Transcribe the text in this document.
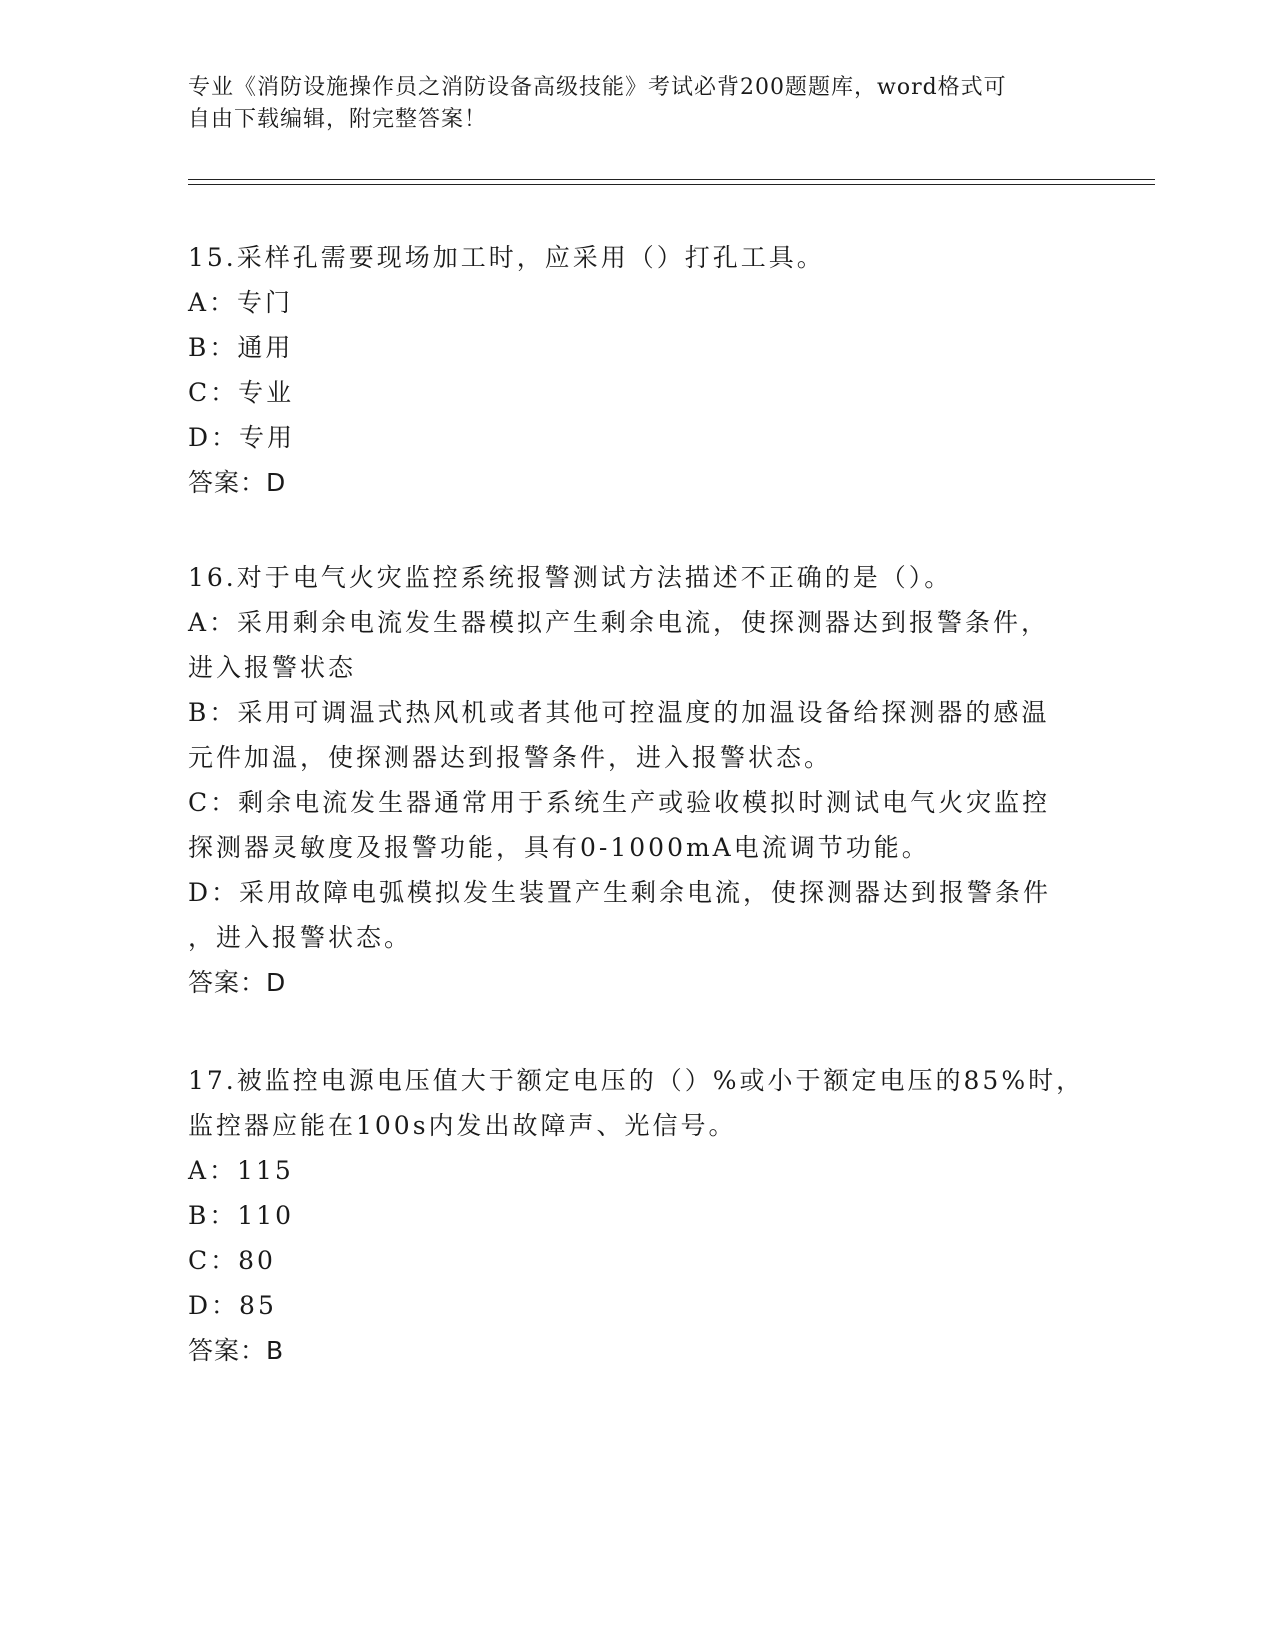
专业《消防设施操作员之消防设备高级技能》考试必背200题题库，word格式可
自由下载编辑，附完整答案！
15.采样孔需要现场加工时，应采用（）打孔工具。
A：专门
B：通用
C：专业
D：专用
答案：D
16.对于电气火灾监控系统报警测试方法描述不正确的是（）。
A：采用剩余电流发生器模拟产生剩余电流，使探测器达到报警条件，
进入报警状态
B：采用可调温式热风机或者其他可控温度的加温设备给探测器的感温
元件加温，使探测器达到报警条件，进入报警状态。
C：剩余电流发生器通常用于系统生产或验收模拟时测试电气火灾监控
探测器灵敏度及报警功能，具有0-1000mA电流调节功能。
D：采用故障电弧模拟发生装置产生剩余电流，使探测器达到报警条件
，进入报警状态。
答案：D
17.被监控电源电压值大于额定电压的（）%或小于额定电压的85%时，
监控器应能在100s内发出故障声、光信号。
A：115
B：110
C：80
D：85
答案：B
